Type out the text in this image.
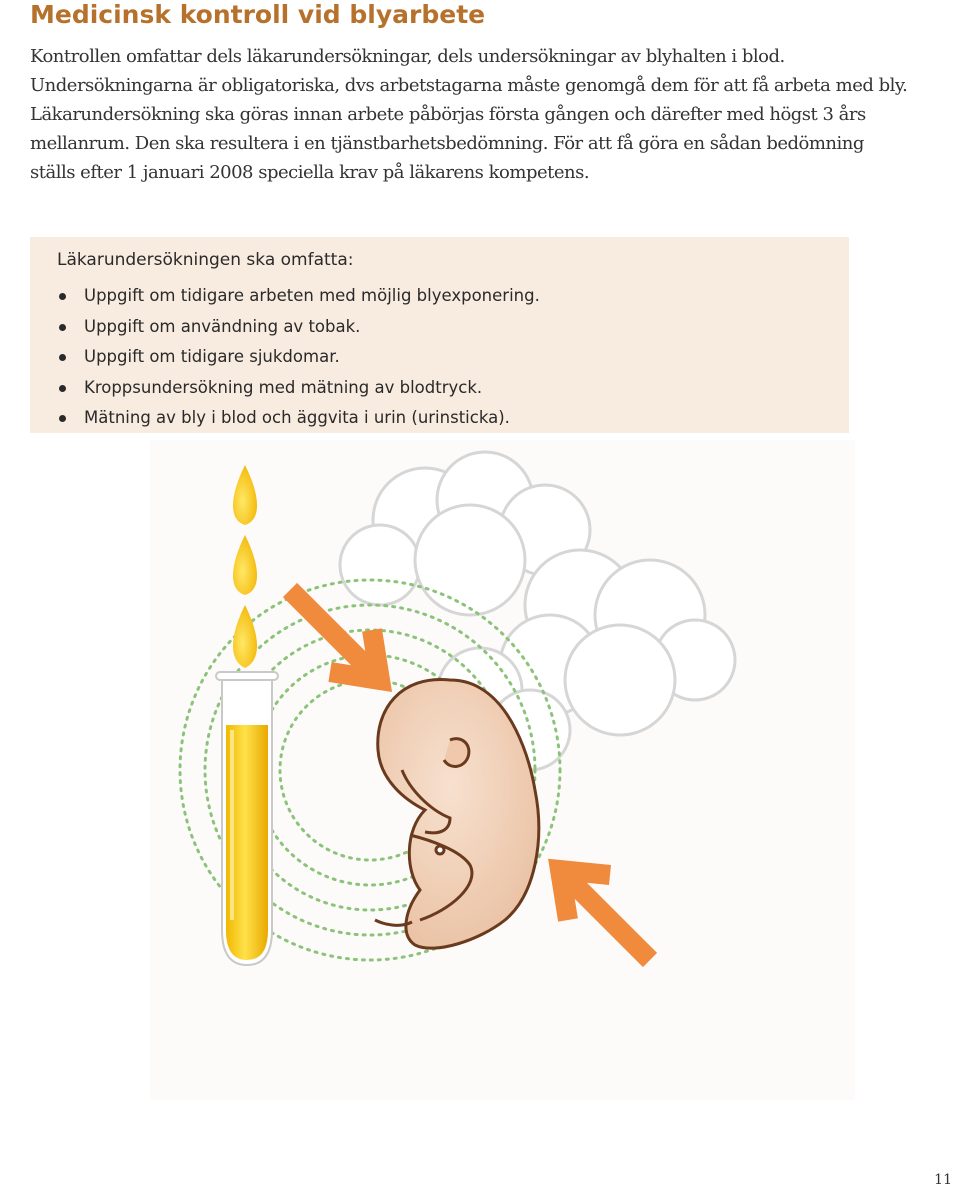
Medicinsk kontroll vid blyarbete

Kontrollen omfattar dels läkarundersökningar, dels undersökningar av blyhalten i blod. Undersökningarna är obligatoriska, dvs arbetstagarna måste genomgå dem för att få arbeta med bly. Läkarundersökning ska göras innan arbete påbörjas första gången och därefter med högst 3 års mellanrum. Den ska resultera i en tjänstbarhetsbedömning. För att få göra en sådan bedömning ställs efter 1 januari 2008 speciella krav på läkarens kompetens.

Läkarundersökningen ska omfatta:

Uppgift om tidigare arbeten med möjlig blyexponering.
Uppgift om användning av tobak.
Uppgift om tidigare sjukdomar.
Kroppsundersökning med mätning av blodtryck.
Mätning av bly i blod och äggvita i urin (urinsticka).
11
